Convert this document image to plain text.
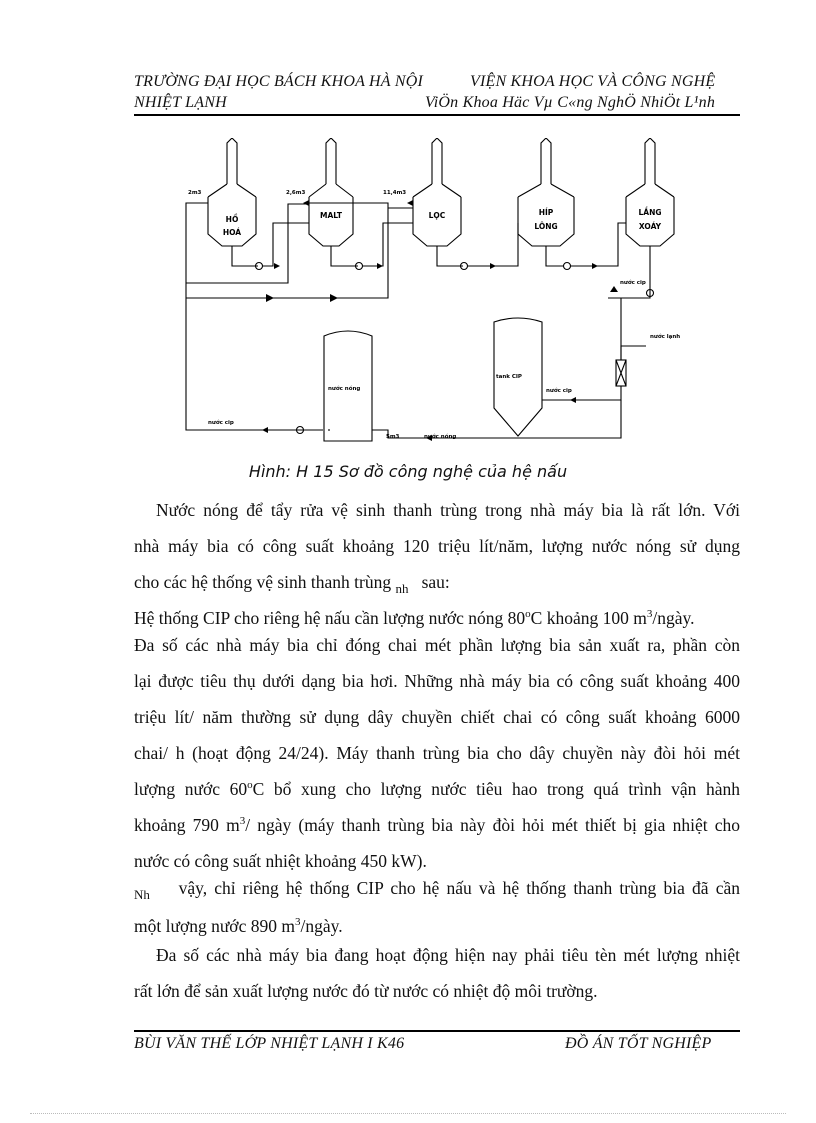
TRƯỜNG ĐẠI HỌC BÁCH KHOA HÀ NỘI	VIỆN KHOA HỌC VÀ CÔNG NGHỆ
NHIỆT LẠNH	ViÖn Khoa Häc Vµ C«ng NghÖ NhiÖt L¹nh
HỒ
HOÁ
MALT	LỌC	HÍP
LÔNG
LẮNG
XOÁY
2m3	2,6m3	11,4m3
nước nóng
tank CIP
nước cip
nước cip
nước lạnh
nước cip
nước nóng
5m3
Hình: H 15 Sơ đồ công nghệ của hệ nấu
Nước nóng để tẩy rửa vệ sinh thanh trùng trong nhà máy bia là rất lớn. Với
nhà máy bia có công suất khoảng 120 triệu lít/năm, lượng nước nóng sử dụng
cho các hệ thống vệ sinh thanh trùng $_{nh}$ sau:
Hệ thống CIP cho riêng hệ nấu cần lượng nước nóng 80$^o$C khoảng 100 $m^3$/ngày.
Đa số các nhà máy bia chỉ đóng chai mét phần lượng bia sản xuất ra, phần còn
lại được tiêu thụ dưới dạng bia hơi. Những nhà máy bia có công suất khoảng 400
triệu lít/ năm thường sử dụng dây chuyền chiết chai có công suất khoảng 6000
chai/ h (hoạt động 24/24). Máy thanh trùng bia cho dây chuyền này đòi hỏi mét
lượng nước 60$^o$C bổ xung cho lượng nước tiêu hao trong quá trình vận hành
khoảng 790 $m^3/$ ngày (máy thanh trùng bia này đòi hỏi mét thiết bị gia nhiệt cho
nước có công suất nhiệt khoảng 450 kW).
$_{Nh}$ vậy, chỉ riêng hệ thống CIP cho hệ nấu và hệ thống thanh trùng bia đã cần
một lượng nước 890 $m^3$/ngày.
Đa số các nhà máy bia đang hoạt động hiện nay phải tiêu tèn mét lượng nhiệt
rất lớn để sản xuất lượng nước đó từ nước có nhiệt độ môi trường.
BÙI VĂN THẾ LỚP NHIỆT LẠNH I K46	ĐỒ ÁN TỐT NGHIỆP
